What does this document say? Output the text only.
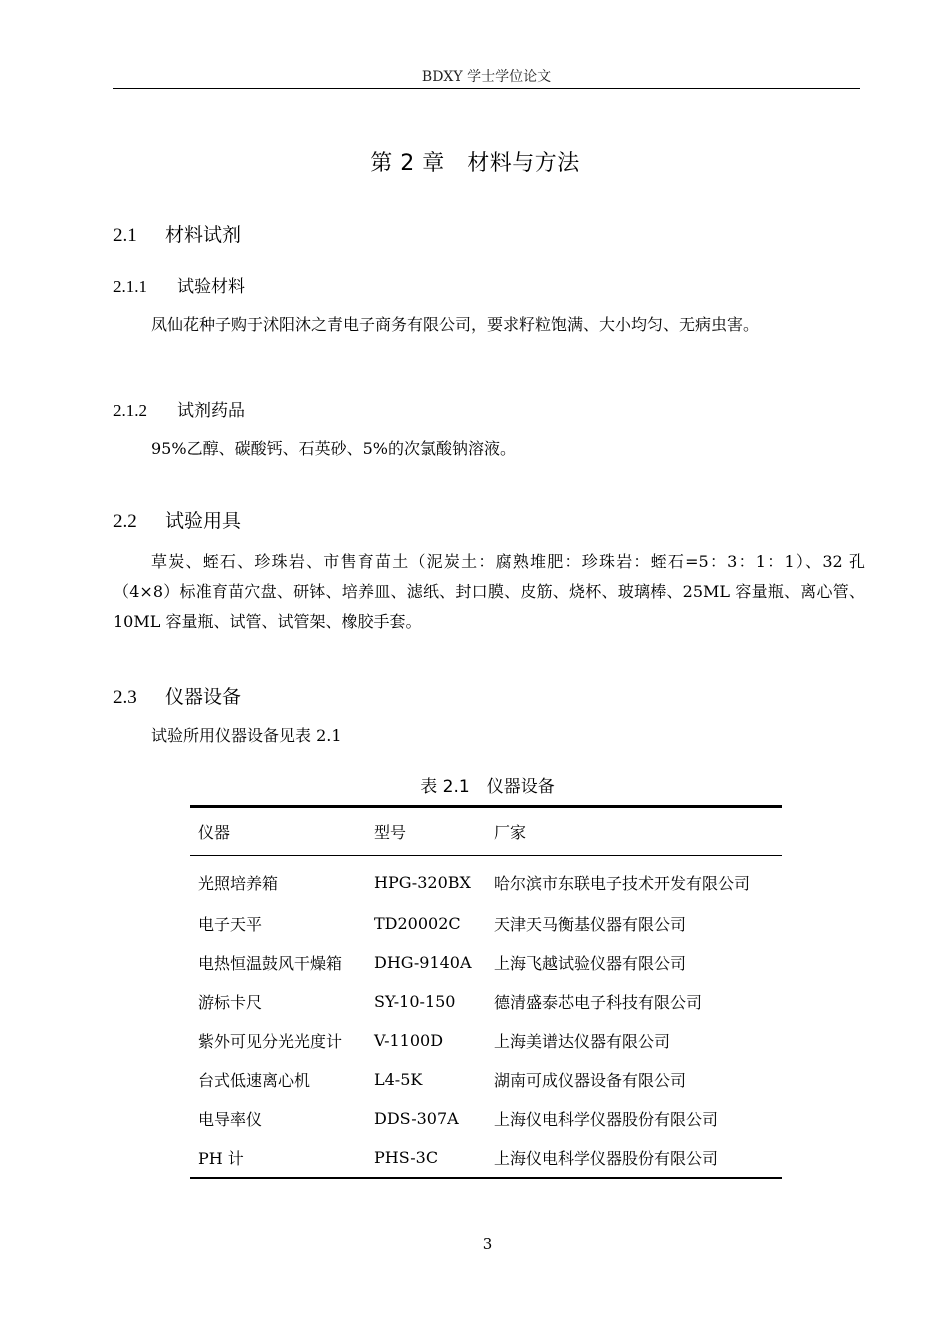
BDXY 学士学位论文
第 2 章　材料与方法
2.1 材料试剂
2.1.1 试验材料
凤仙花种子购于沭阳沐之青电子商务有限公司，要求籽粒饱满、大小均匀、无病虫害。
2.1.2 试剂药品
95%乙醇、碳酸钙、石英砂、5%的次氯酸钠溶液。
2.2 试验用具
草炭、蛭石、珍珠岩、市售育苗土（泥炭土：腐熟堆肥：珍珠岩：蛭石=5：3：1：1）、32 孔（4×8）标准育苗穴盘、研钵、培养皿、滤纸、封口膜、皮筋、烧杯、玻璃棒、25ML 容量瓶、离心管、10ML 容量瓶、试管、试管架、橡胶手套。
2.3 仪器设备
试验所用仪器设备见表 2.1
表 2.1　仪器设备
仪器	型号	厂家
光照培养箱	HPG-320BX	哈尔滨市东联电子技术开发有限公司
电子天平	TD20002C	天津天马衡基仪器有限公司
电热恒温鼓风干燥箱	DHG-9140A	上海飞越试验仪器有限公司
游标卡尺	SY-10-150	德清盛泰芯电子科技有限公司
紫外可见分光光度计	V-1100D	上海美谱达仪器有限公司
台式低速离心机	L4-5K	湖南可成仪器设备有限公司
电导率仪	DDS-307A	上海仪电科学仪器股份有限公司
PH 计	PHS-3C	上海仪电科学仪器股份有限公司
3
